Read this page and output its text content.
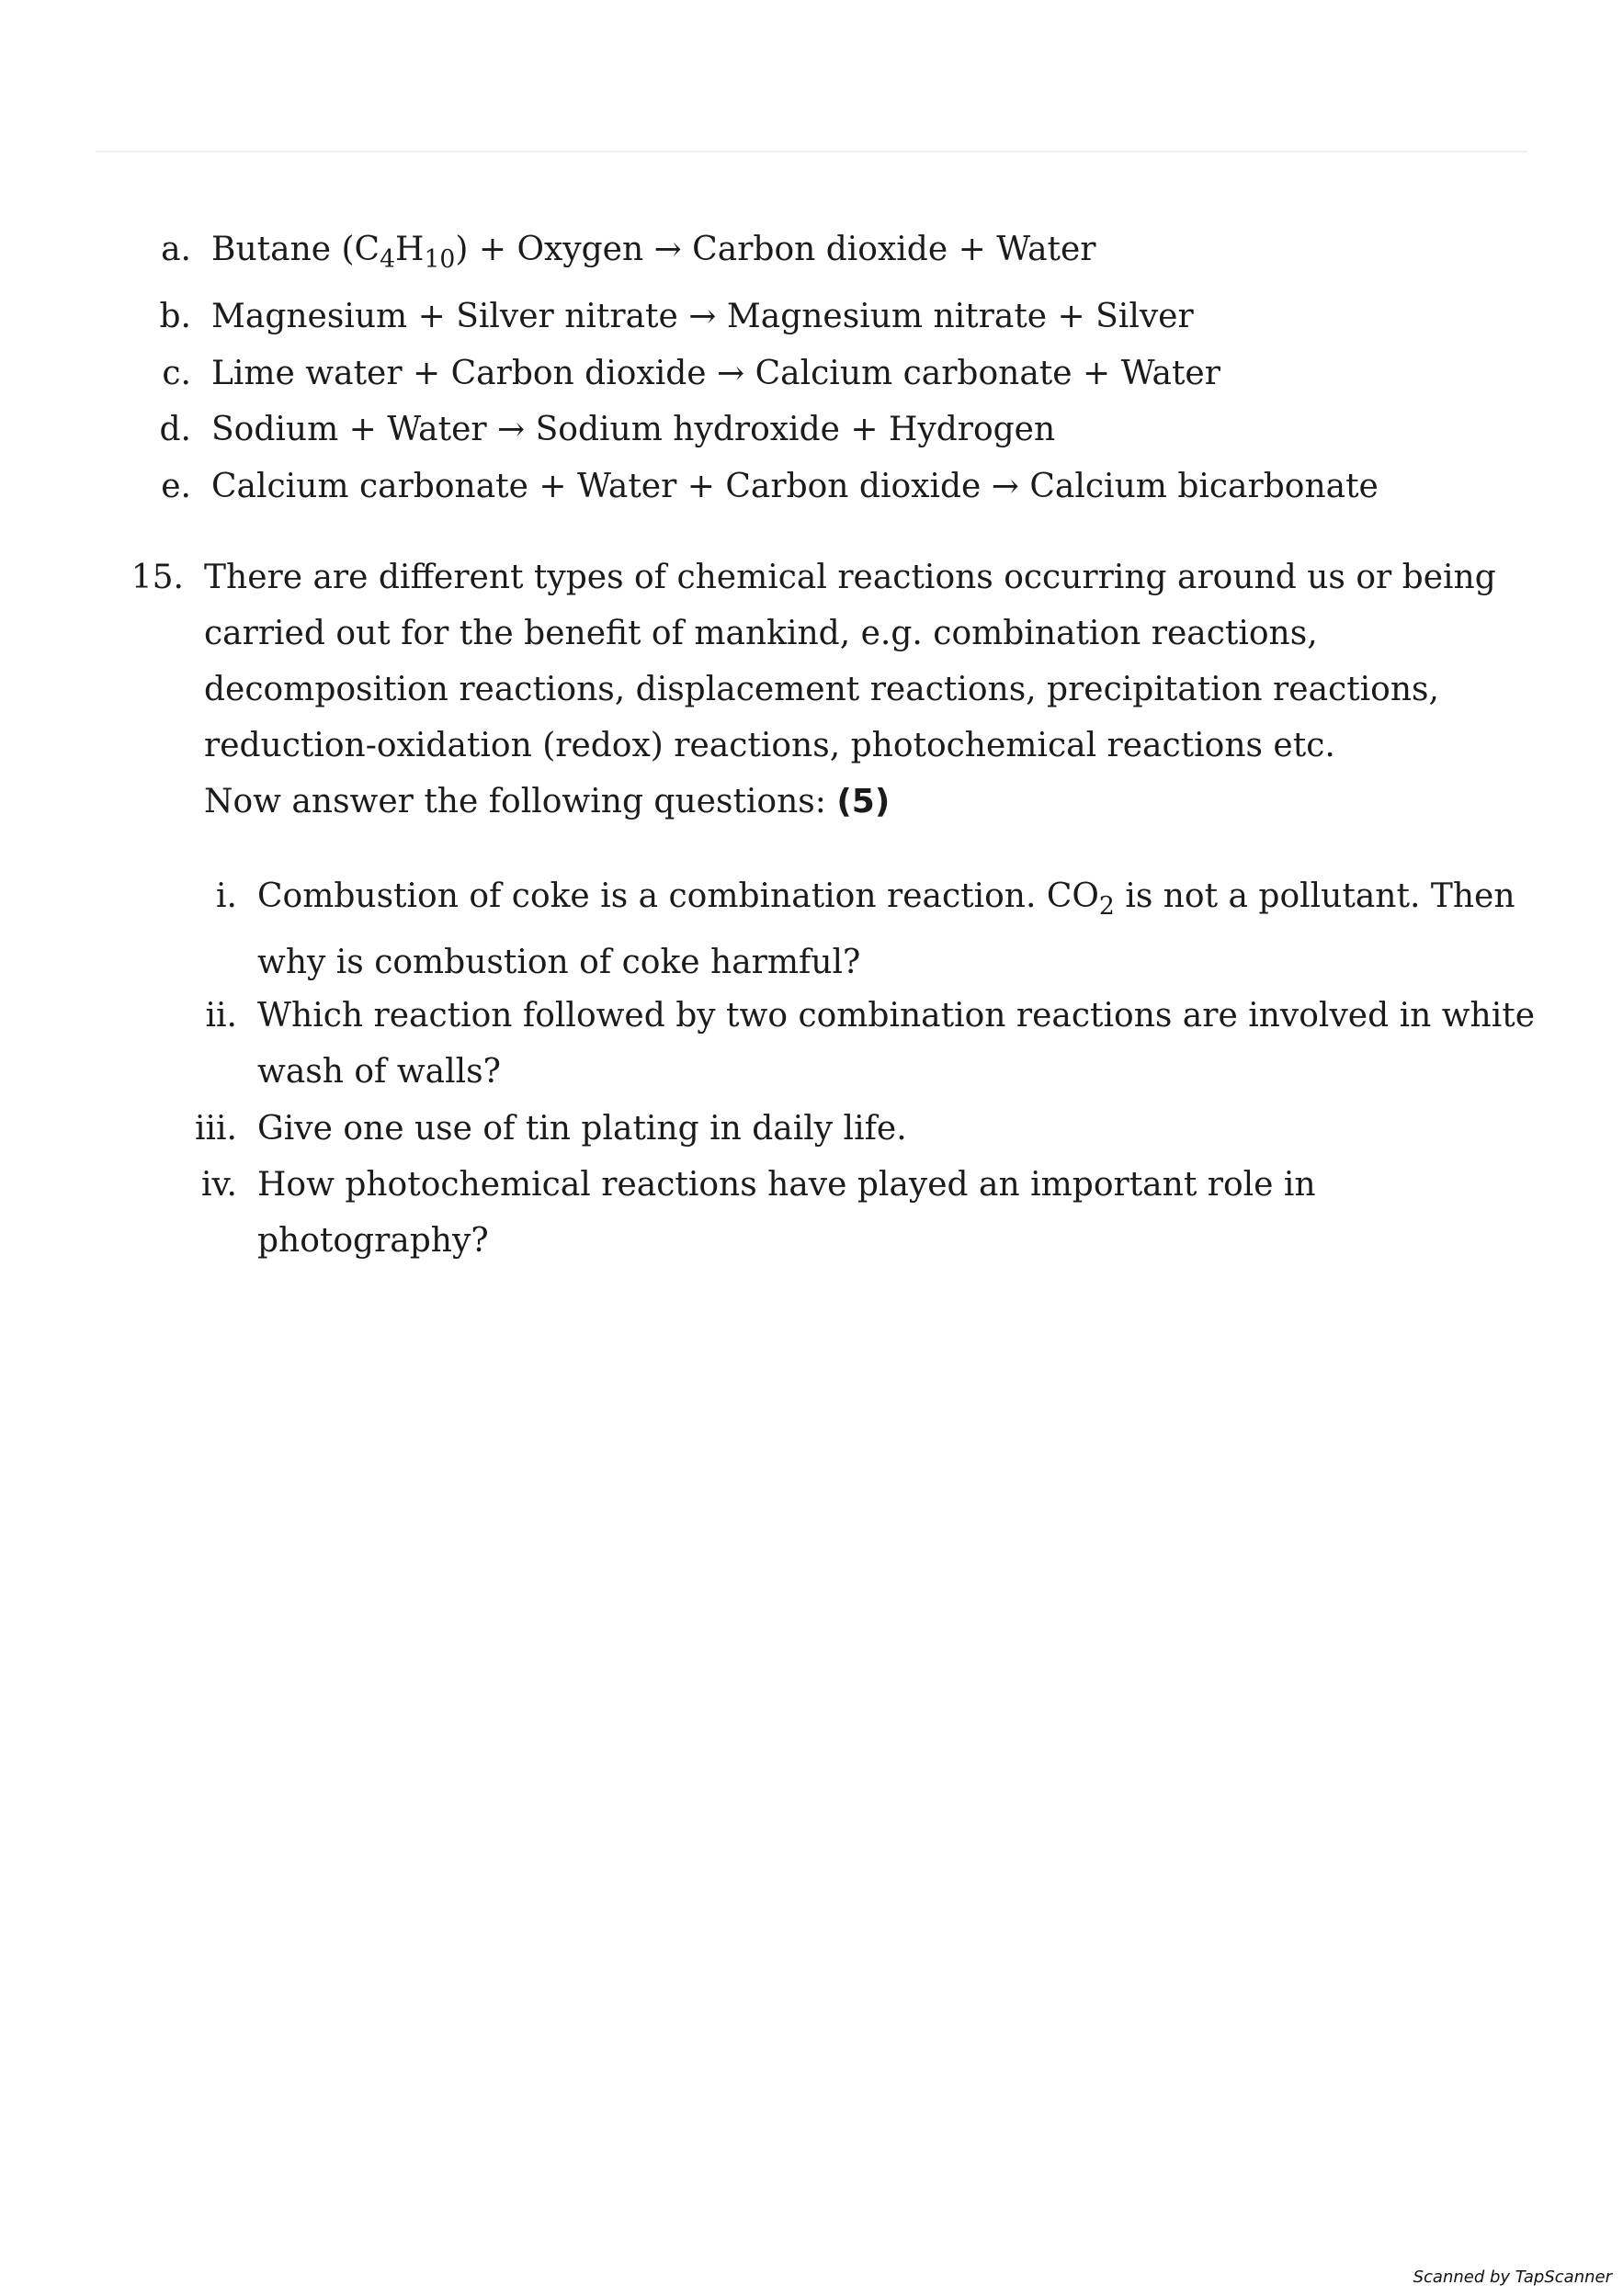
a. Butane $(C_4H_{10})$ + Oxygen → Carbon dioxide + Water
b. Magnesium + Silver nitrate → Magnesium nitrate + Silver
c. Lime water + Carbon dioxide → Calcium carbonate + Water
d. Sodium + Water → Sodium hydroxide + Hydrogen
e. Calcium carbonate + Water + Carbon dioxide → Calcium bicarbonate
15. There are different types of chemical reactions occurring around us or being carried out for the benefit of mankind, e.g. combination reactions, decomposition reactions, displacement reactions, precipitation reactions, reduction-oxidation (redox) reactions, photochemical reactions etc.

Now answer the following questions: (5)

i. Combustion of coke is a combination reaction. $CO_2$ is not a pollutant. Then why is combustion of coke harmful?
ii. Which reaction followed by two combination reactions are involved in white wash of walls?
iii. Give one use of tin plating in daily life.
iv. How photochemical reactions have played an important role in photography?
Scanned by TapScanner
